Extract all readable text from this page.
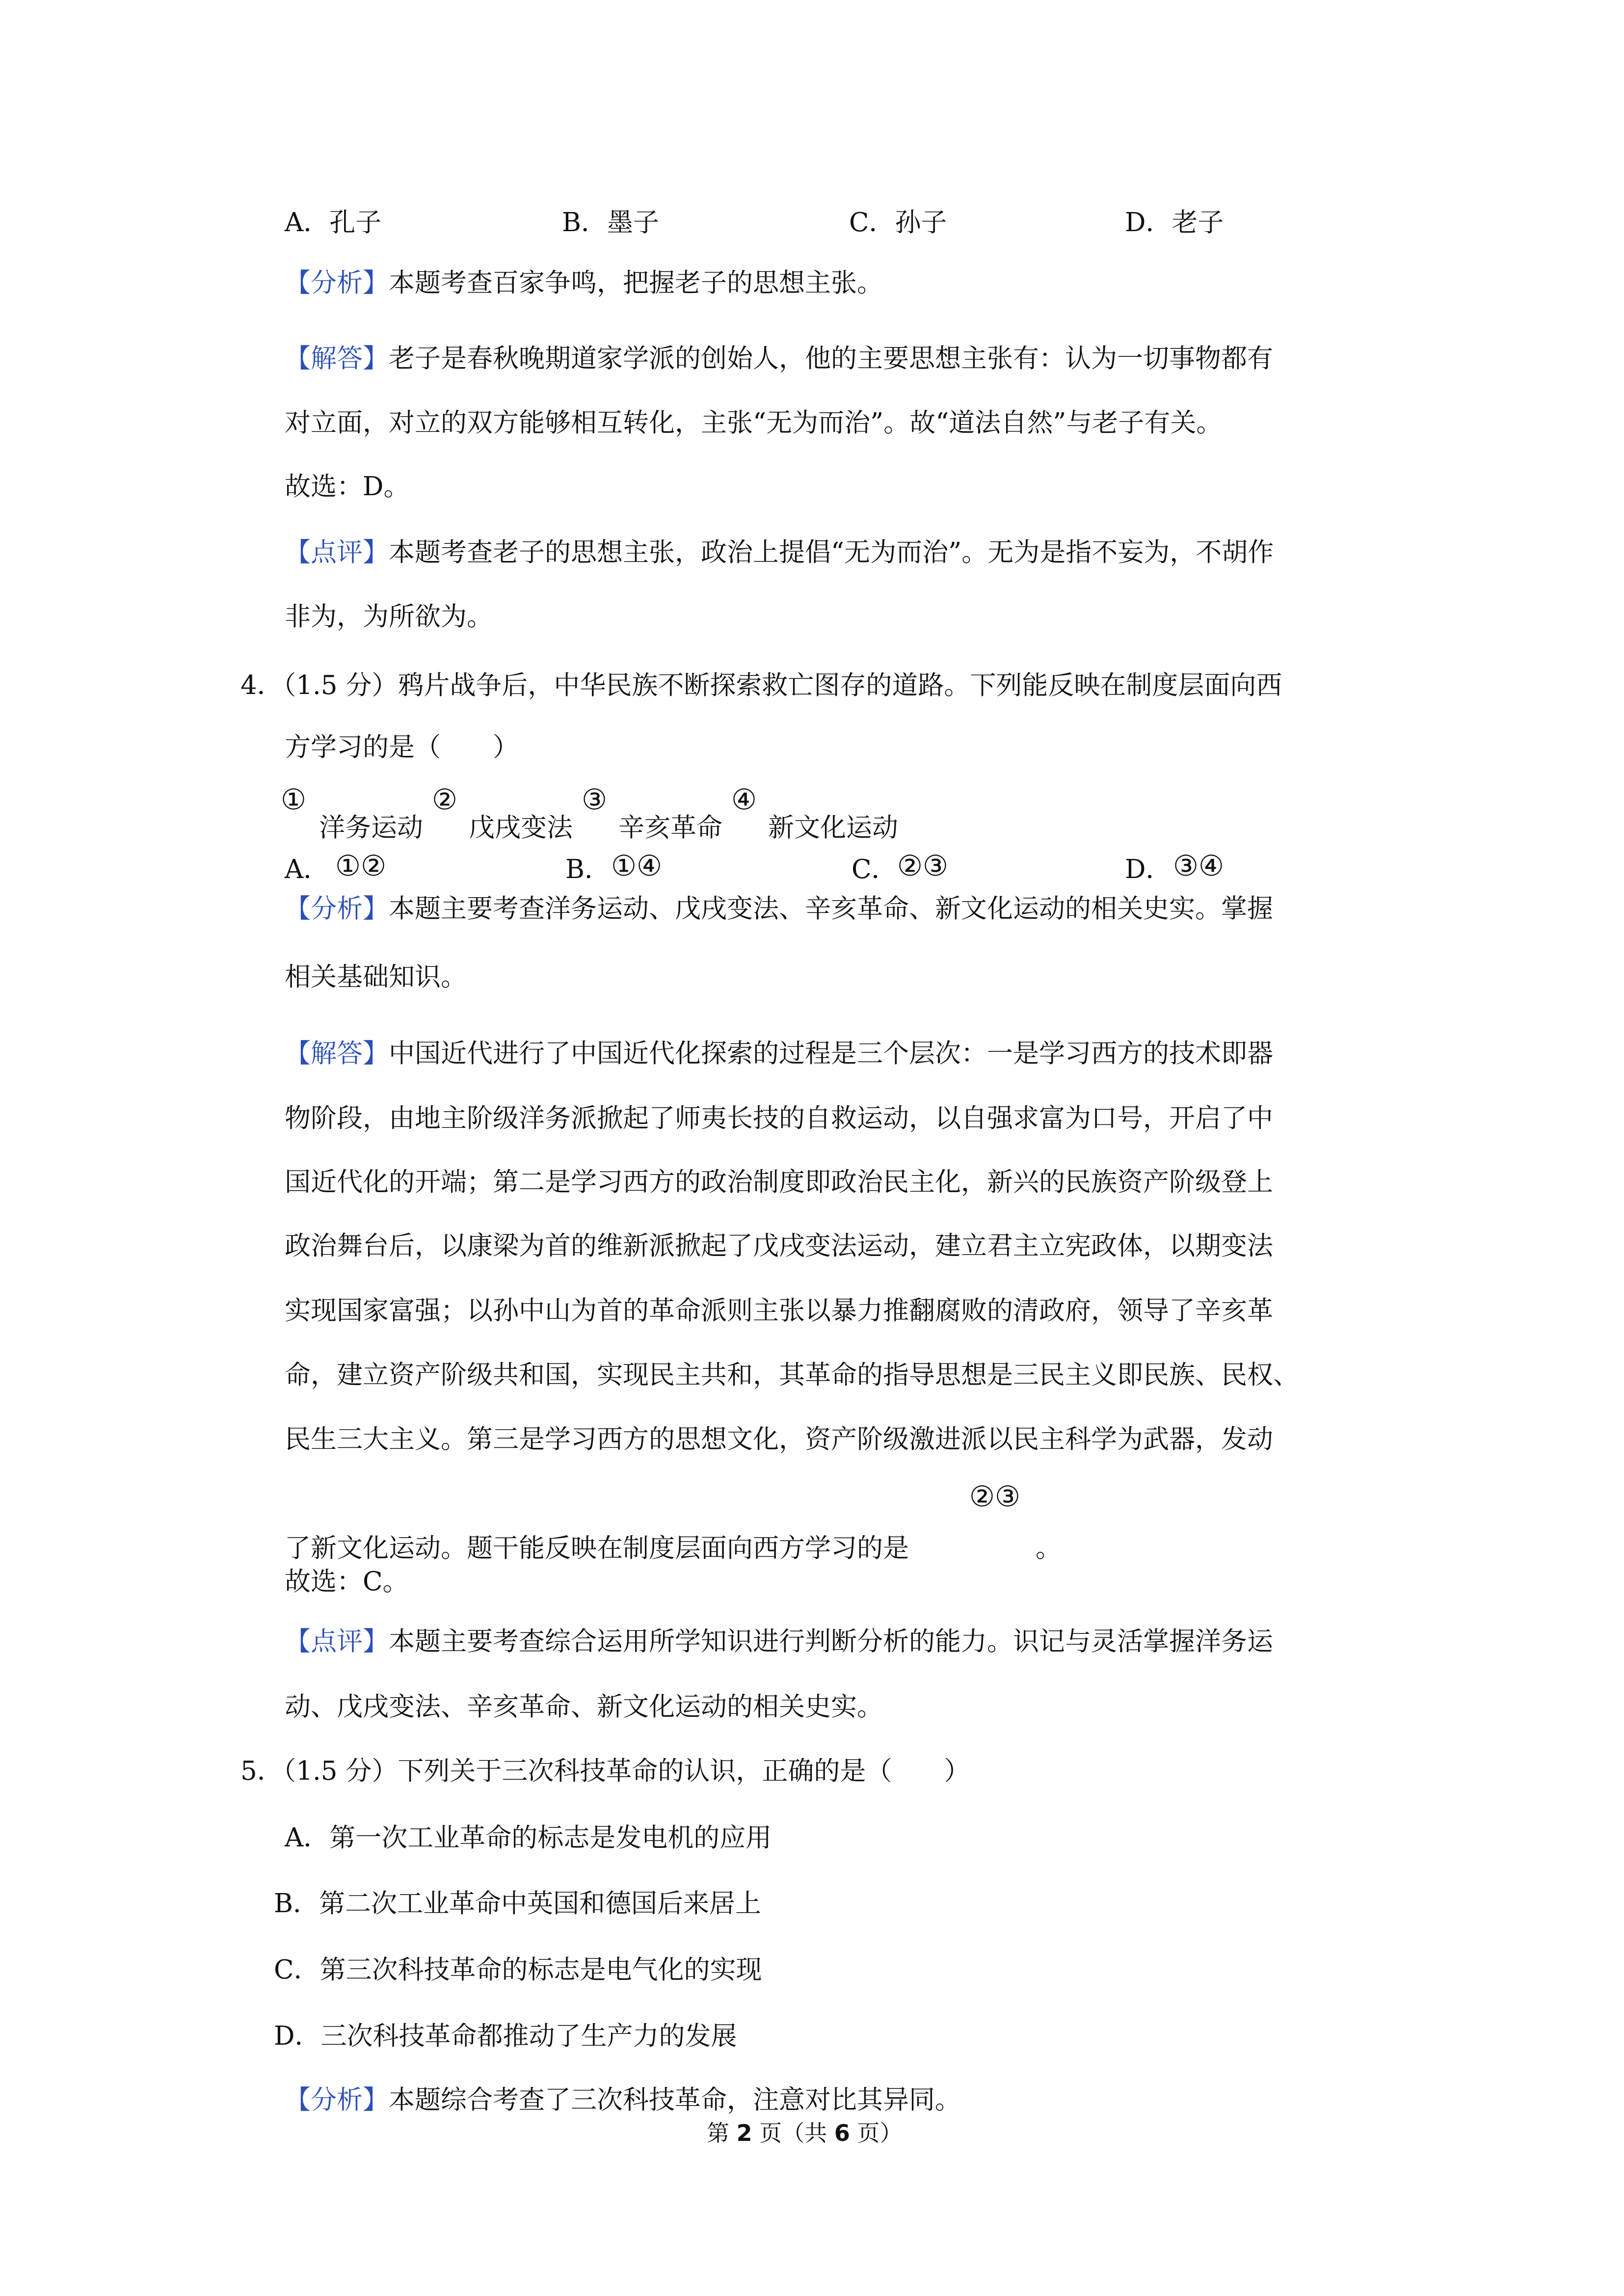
A．孔子	B．墨子	C．孙子	D．老子
【分析】本题考查百家争鸣，把握老子的思想主张。
【解答】老子是春秋晚期道家学派的创始人，他的主要思想主张有：认为一切事物都有
对立面，对立的双方能够相互转化，主张“无为而治”。故“道法自然”与老子有关。
故选：D。
【点评】本题考查老子的思想主张，政治上提倡“无为而治”。无为是指不妄为，不胡作
非为，为所欲为。
4．（1.5 分）鸦片战争后，中华民族不断探索救亡图存的道路。下列能反映在制度层面向西
方学习的是（　　）
①
洋务运动
②
戊戌变法
③
辛亥革命
④
新文化运动
A． ①②	B． ①④	C． ②③	D． ③④
【分析】本题主要考查洋务运动、戊戌变法、辛亥革命、新文化运动的相关史实。掌握
相关基础知识。
【解答】中国近代进行了中国近代化探索的过程是三个层次：一是学习西方的技术即器
物阶段，由地主阶级洋务派掀起了师夷长技的自救运动，以自强求富为口号，开启了中
国近代化的开端；第二是学习西方的政治制度即政治民主化，新兴的民族资产阶级登上
政治舞台后，以康梁为首的维新派掀起了戊戌变法运动，建立君主立宪政体，以期变法
实现国家富强；以孙中山为首的革命派则主张以暴力推翻腐败的清政府，领导了辛亥革
命，建立资产阶级共和国，实现民主共和，其革命的指导思想是三民主义即民族、民权、
民生三大主义。第三是学习西方的思想文化，资产阶级激进派以民主科学为武器，发动
②③
了新文化运动。题干能反映在制度层面向西方学习的是	。
故选：C。
【点评】本题主要考查综合运用所学知识进行判断分析的能力。识记与灵活掌握洋务运
动、戊戌变法、辛亥革命、新文化运动的相关史实。
5．（1.5 分）下列关于三次科技革命的认识，正确的是（　　）
A．第一次工业革命的标志是发电机的应用
B．第二次工业革命中英国和德国后来居上
C．第三次科技革命的标志是电气化的实现
D．三次科技革命都推动了生产力的发展
【分析】本题综合考查了三次科技革命，注意对比其异同。
第 2 页（共 6 页）
